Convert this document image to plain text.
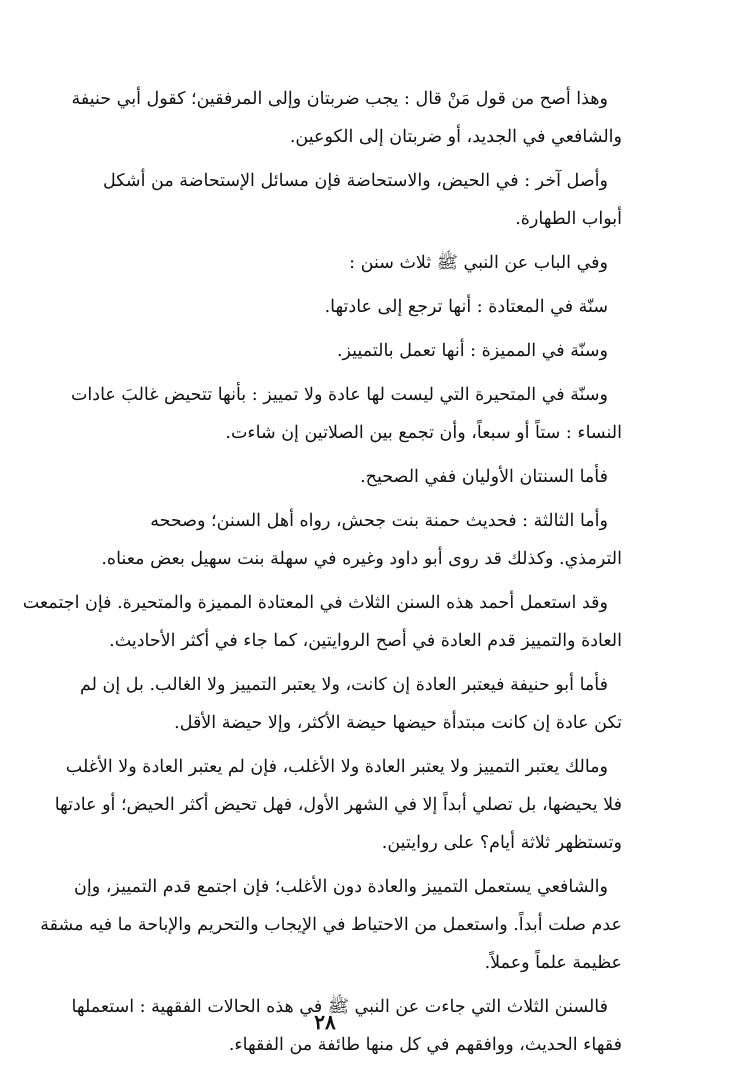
وهذا أصح من قول مَنْ قال : يجب ضربتان وإلى المرفقين؛ كقول أبي حنيفة
والشافعي في الجديد، أو ضربتان إلى الكوعين.
وأصل آخر : في الحيض، والاستحاضة فإن مسائل الإستحاضة من أشكل
أبواب الطهارة.
وفي الباب عن النبي ﷺ ثلاث سنن :
سنّة في المعتادة : أنها ترجع إلى عادتها.
وسنّة في المميزة : أنها تعمل بالتمييز.
وسنّة في المتحيرة التي ليست لها عادة ولا تمييز : بأنها تتحيض غالبَ عادات
النساء : ستاً أو سبعاً، وأن تجمع بين الصلاتين إن شاءت.
فأما السنتان الأوليان ففي الصحيح.
وأما الثالثة : فحديث حمنة بنت جحش، رواه أهل السنن؛ وصححه
الترمذي. وكذلك قد روى أبو داود وغيره في سهلة بنت سهيل بعض معناه.
وقد استعمل أحمد هذه السنن الثلاث في المعتادة المميزة والمتحيرة. فإن اجتمعت
العادة والتمييز قدم العادة في أصح الروايتين، كما جاء في أكثر الأحاديث.
فأما أبو حنيفة فيعتبر العادة إن كانت، ولا يعتبر التمييز ولا الغالب. بل إن لم
تكن عادة إن كانت مبتدأة حيضها حيضة الأكثر، وإلا حيضة الأقل.
ومالك يعتبر التمييز ولا يعتبر العادة ولا الأغلب، فإن لم يعتبر العادة ولا الأغلب
فلا يحيضها، بل تصلي أبداً إلا في الشهر الأول، فهل تحيض أكثر الحيض؛ أو عادتها
وتستظهر ثلاثة أيام؟ على روايتين.
والشافعي يستعمل التمييز والعادة دون الأغلب؛ فإن اجتمع قدم التمييز، وإن
عدم صلت أبداً. واستعمل من الاحتياط في الإيجاب والتحريم والإباحة ما فيه مشقة
عظيمة علماً وعملاً.
فالسنن الثلاث التي جاءت عن النبي ﷺ في هذه الحالات الفقهية : استعملها
فقهاء الحديث، ووافقهم في كل منها طائفة من الفقهاء.
٢٨
